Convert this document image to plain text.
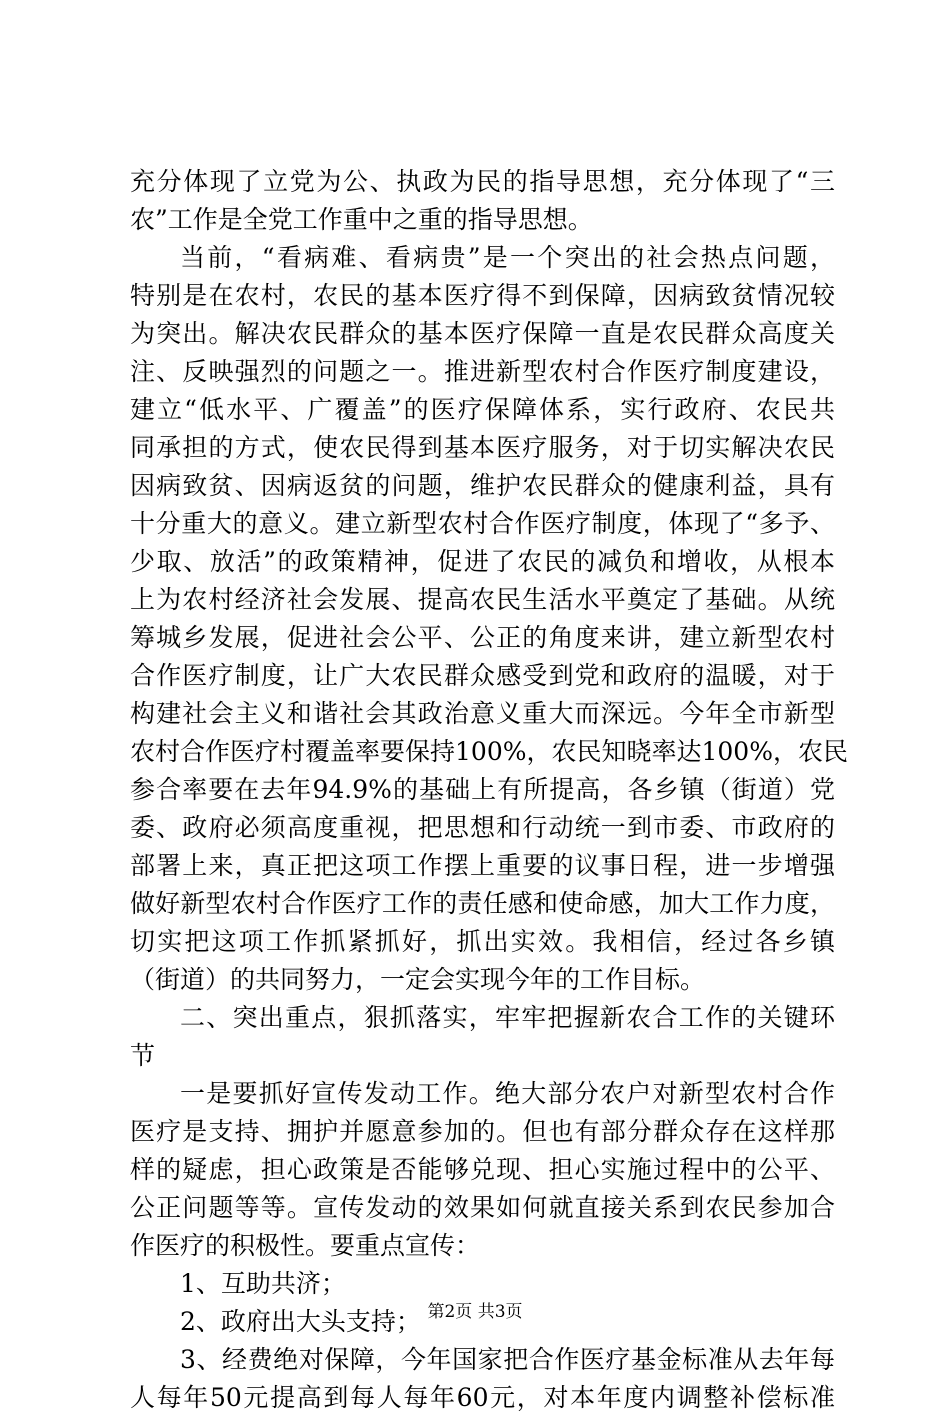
充分体现了立党为公、执政为民的指导思想，充分体现了“三
农”工作是全党工作重中之重的指导思想。
当前，“看病难、看病贵”是一个突出的社会热点问题，
特别是在农村，农民的基本医疗得不到保障，因病致贫情况较
为突出。解决农民群众的基本医疗保障一直是农民群众高度关
注、反映强烈的问题之一。推进新型农村合作医疗制度建设，
建立“低水平、广覆盖”的医疗保障体系，实行政府、农民共
同承担的方式，使农民得到基本医疗服务，对于切实解决农民
因病致贫、因病返贫的问题，维护农民群众的健康利益，具有
十分重大的意义。建立新型农村合作医疗制度，体现了“多予、
少取、放活”的政策精神，促进了农民的减负和增收，从根本
上为农村经济社会发展、提高农民生活水平奠定了基础。从统
筹城乡发展，促进社会公平、公正的角度来讲，建立新型农村
合作医疗制度，让广大农民群众感受到党和政府的温暖，对于
构建社会主义和谐社会其政治意义重大而深远。今年全市新型
农村合作医疗村覆盖率要保持100%，农民知晓率达100%，农民
参合率要在去年94.9%的基础上有所提高，各乡镇（街道）党
委、政府必须高度重视，把思想和行动统一到市委、市政府的
部署上来，真正把这项工作摆上重要的议事日程，进一步增强
做好新型农村合作医疗工作的责任感和使命感，加大工作力度，
切实把这项工作抓紧抓好，抓出实效。我相信，经过各乡镇
（街道）的共同努力，一定会实现今年的工作目标。
二、突出重点，狠抓落实，牢牢把握新农合工作的关键环
节
一是要抓好宣传发动工作。绝大部分农户对新型农村合作
医疗是支持、拥护并愿意参加的。但也有部分群众存在这样那
样的疑虑，担心政策是否能够兑现、担心实施过程中的公平、
公正问题等等。宣传发动的效果如何就直接关系到农民参加合
作医疗的积极性。要重点宣传：
1、互助共济；
2、政府出大头支持；
3、经费绝对保障，今年国家把合作医疗基金标准从去年每
人每年50元提高到每人每年60元，对本年度内调整补偿标准
第2页 共3页
